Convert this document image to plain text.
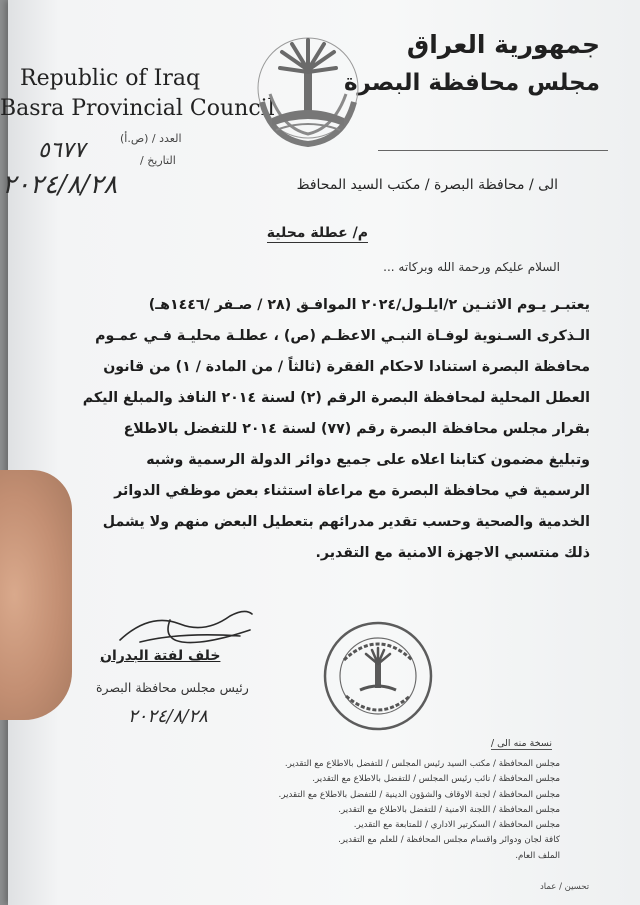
Republic of Iraq
Basra Provincial Council
جمهورية العراق
مجلس محافظة البصرة
العدد / (ص.أ)
التاريخ /
٥٦٧٧
٢٠٢٤/٨/٢٨	الى / محافظة البصرة / مكتب السيد المحافظ
م/ عطلة محلية
السلام عليكم ورحمة الله وبركاته ...
يعتبـر يـوم الاثنـين ٢/ايلـول/٢٠٢٤ الموافـق (٢٨ / صـفر /١٤٤٦هـ)
الـذكرى السـنوية لوفـاة النبـي الاعظـم (ص) ، عطلـة محليـة فـي عمـوم
محافظة البصرة استنادا لاحكام الفقرة (ثالثاً / من المادة / ١) من قانون
العطل المحلية لمحافظة البصرة الرقم (٢) لسنة ٢٠١٤ النافذ والمبلغ اليكم
بقرار مجلس محافظة البصرة رقم (٧٧) لسنة ٢٠١٤ للتفضل بالاطلاع
وتبليغ مضمون كتابنا اعلاه على جميع دوائر الدولة الرسمية وشبه
الرسمية في محافظة البصرة مع مراعاة استثناء بعض موظفي الدوائر
الخدمية والصحية وحسب تقدير مدرائهم بتعطيل البعض منهم ولا يشمل
ذلك منتسبي الاجهزة الامنية مع التقدير.
خلف لفتة البدران
رئيس مجلس محافظة البصرة
٢٠٢٤/٨/٢٨
نسخة منه الى /
مجلس المحافظة / مكتب السيد رئيس المجلس / للتفضل بالاطلاع مع التقدير.
مجلس المحافظة / نائب رئيس المجلس / للتفضل بالاطلاع مع التقدير.
مجلس المحافظة / لجنة الاوقاف والشؤون الدينية / للتفضل بالاطلاع مع التقدير.
مجلس المحافظة / اللجنة الامنية / للتفضل بالاطلاع مع التقدير.
مجلس المحافظة / السكرتير الاداري / للمتابعة مع التقدير.
كافة لجان ودوائر واقسام مجلس المحافظة / للعلم مع التقدير.
الملف العام.
تحسين / عماد
